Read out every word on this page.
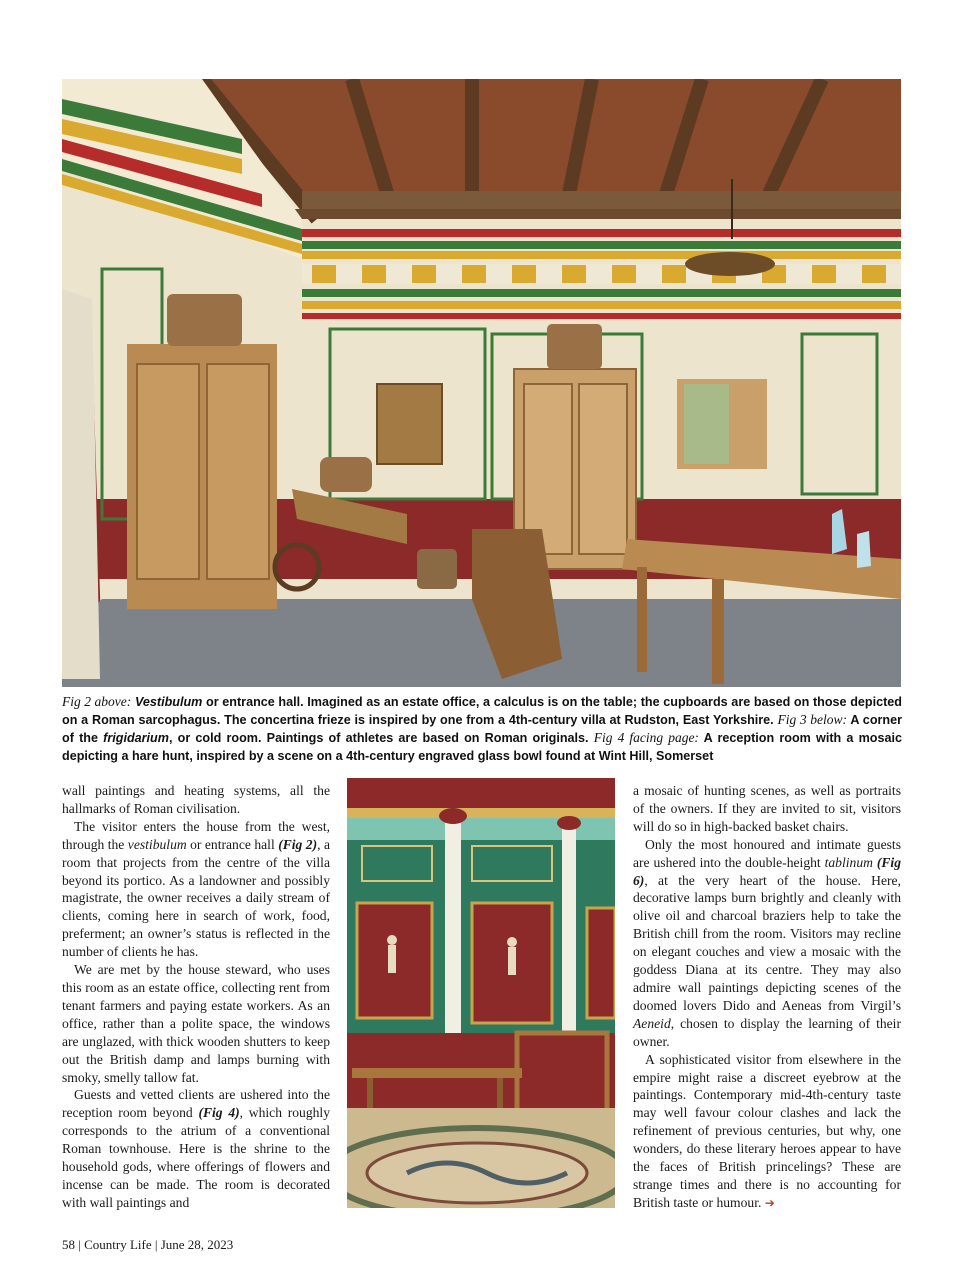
Fig 2 above: Vestibulum or entrance hall. Imagined as an estate office, a calculus is on the table; the cupboards are based on those depicted on a Roman sarcophagus. The concertina frieze is inspired by one from a 4th-century villa at Rudston, East Yorkshire. Fig 3 below: A corner of the frigidarium, or cold room. Paintings of athletes are based on Roman originals. Fig 4 facing page: A reception room with a mosaic depicting a hare hunt, inspired by a scene on a 4th-century engraved glass bowl found at Wint Hill, Somerset

wall paintings and heating systems, all the hallmarks of Roman civilisation.

The visitor enters the house from the west, through the vestibulum or entrance hall (Fig 2), a room that projects from the centre of the villa beyond its portico. As a landowner and possibly magistrate, the owner receives a daily stream of clients, coming here in search of work, food, preferment; an owner’s status is reflected in the number of clients he has.

We are met by the house steward, who uses this room as an estate office, collecting rent from tenant farmers and paying estate workers. As an office, rather than a polite space, the windows are unglazed, with thick wooden shutters to keep out the British damp and lamps burning with smoky, smelly tallow fat.

Guests and vetted clients are ushered into the reception room beyond (Fig 4), which roughly corresponds to the atrium of a conventional Roman townhouse. Here is the shrine to the household gods, where offerings of flowers and incense can be made. The room is decorated with wall paintings and

a mosaic of hunting scenes, as well as portraits of the owners. If they are invited to sit, visitors will do so in high-backed basket chairs.

Only the most honoured and intimate guests are ushered into the double-height tablinum (Fig 6), at the very heart of the house. Here, decorative lamps burn brightly and cleanly with olive oil and charcoal braziers help to take the British chill from the room. Visitors may recline on elegant couches and view a mosaic with the goddess Diana at its centre. They may also admire wall paintings depicting scenes of the doomed lovers Dido and Aeneas from Virgil’s Aeneid, chosen to display the learning of their owner.

A sophisticated visitor from elsewhere in the empire might raise a discreet eyebrow at the paintings. Contemporary mid-4th-century taste may well favour colour clashes and lack the refinement of previous centuries, but why, one wonders, do these literary heroes appear to have the faces of British princelings? These are strange times and there is no accounting for British taste or humour. ➔

58 | Country Life | June 28, 2023
